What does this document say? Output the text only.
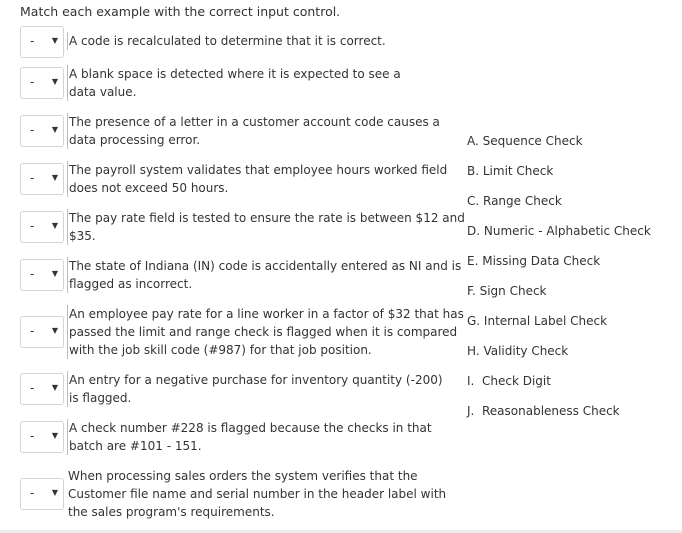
Match each example with the correct input control.
- ▼ A code is recalculated to determine that it is correct.
- ▼
A blank space is detected where it is expected to see a data value.
- ▼
The presence of a letter in a customer account code causes a data processing error.
- ▼
The payroll system validates that employee hours worked field does not exceed 50 hours.
- ▼
The pay rate field is tested to ensure the rate is between $12 and $35.
- ▼
The state of Indiana (IN) code is accidentally entered as NI and is flagged as incorrect.
- ▼
An employee pay rate for a line worker in a factor of $32 that has passed the limit and range check is flagged when it is compared with the job skill code (#987) for that job position.
- ▼
An entry for a negative purchase for inventory quantity (-200) is flagged.
- ▼
A check number #228 is flagged because the checks in that batch are #101 - 151.
- ▼
When processing sales orders the system verifies that the Customer file name and serial number in the header label with the sales program's requirements.
A. Sequence Check
B. Limit Check
C. Range Check
D. Numeric - Alphabetic Check
E. Missing Data Check
F. Sign Check
G. Internal Label Check
H. Validity Check
I.  Check Digit
J.  Reasonableness Check
